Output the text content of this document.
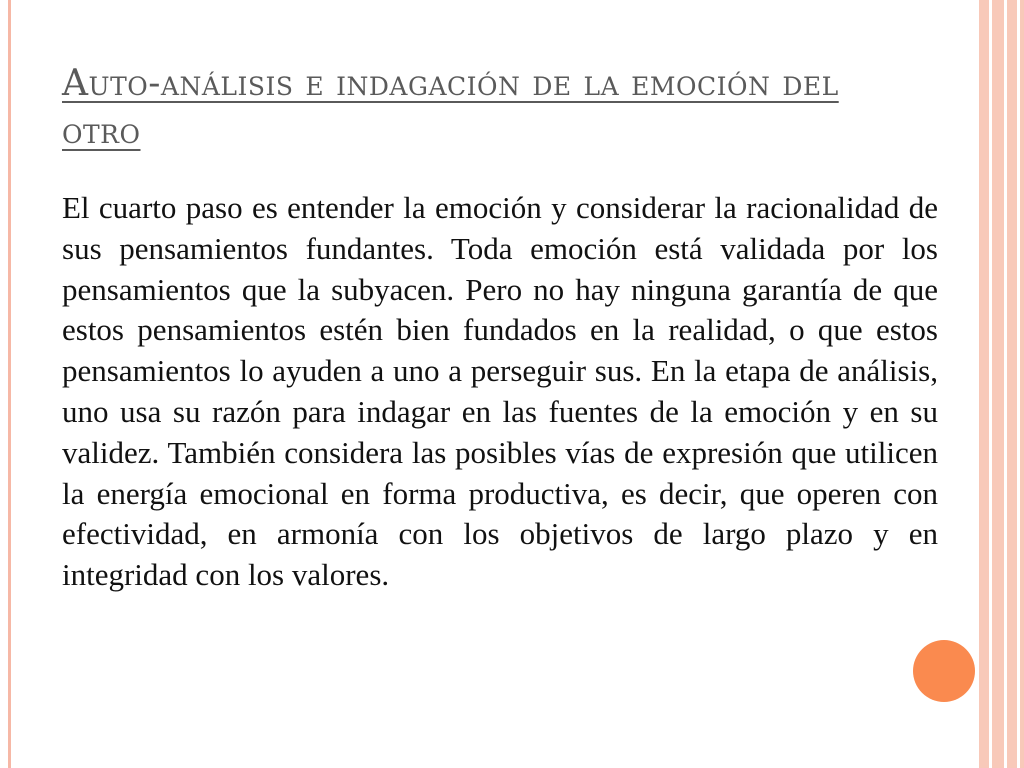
Auto-análisis e indagación de la emoción del otro

El cuarto paso es entender la emoción y considerar la racionalidad de sus pensamientos fundantes. Toda emoción está validada por los pensamientos que la subyacen. Pero no hay ninguna garantía de que estos pensamientos estén bien fundados en la realidad, o que estos pensamientos lo ayuden a uno a perseguir sus. En la etapa de análisis, uno usa su razón para indagar en las fuentes de la emoción y en su validez. También considera las posibles vías de expresión que utilicen la energía emocional en forma productiva, es decir, que operen con efectividad, en armonía con los objetivos de largo plazo y en integridad con los valores.
